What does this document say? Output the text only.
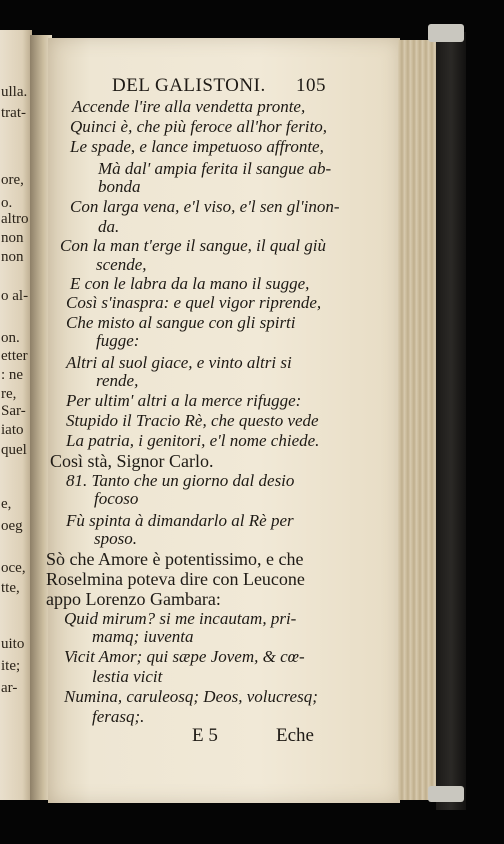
ulla.
trat-
ore,
o.
altro
non
non
o al-
on.
etter
: ne
re,
Sar-
iato
quel
e,
oeg
oce,
tte,
uito
ite;
ar-
DEL GALISTONI. 105
Accende l'ire alla vendetta pronte,
Quinci è, che più feroce all'hor ferito,
Le spade, e lance impetuoso affronte,
Mà dal' ampia ferita il sangue ab-
bonda
Con larga vena, e'l viso, e'l sen gl'inon-
da.
Con la man t'erge il sangue, il qual giù
scende,
E con le labra da la mano il sugge,
Così s'inaspra: e quel vigor riprende,
Che misto al sangue con gli spirti
fugge:
Altri al suol giace, e vinto altri si
rende,
Per ultim' altri a la merce rifugge:
Stupido il Tracio Rè, che questo vede
La patria, i genitori, e'l nome chiede.
Così stà, Signor Carlo.
81. Tanto che un giorno dal desio
focoso
Fù spinta à dimandarlo al Rè per
sposo.
Sò che Amore è potentissimo, e che
Roselmina poteva dire con Leucone
appo Lorenzo Gambara:
Quid mirum? si me incautam, pri-
mamq; iuventa
Vicit Amor; qui sæpe Jovem, & cœ-
lestia vicit
Numina, caruleosq; Deos, volucresq;
ferasq;.
E 5	Eche
